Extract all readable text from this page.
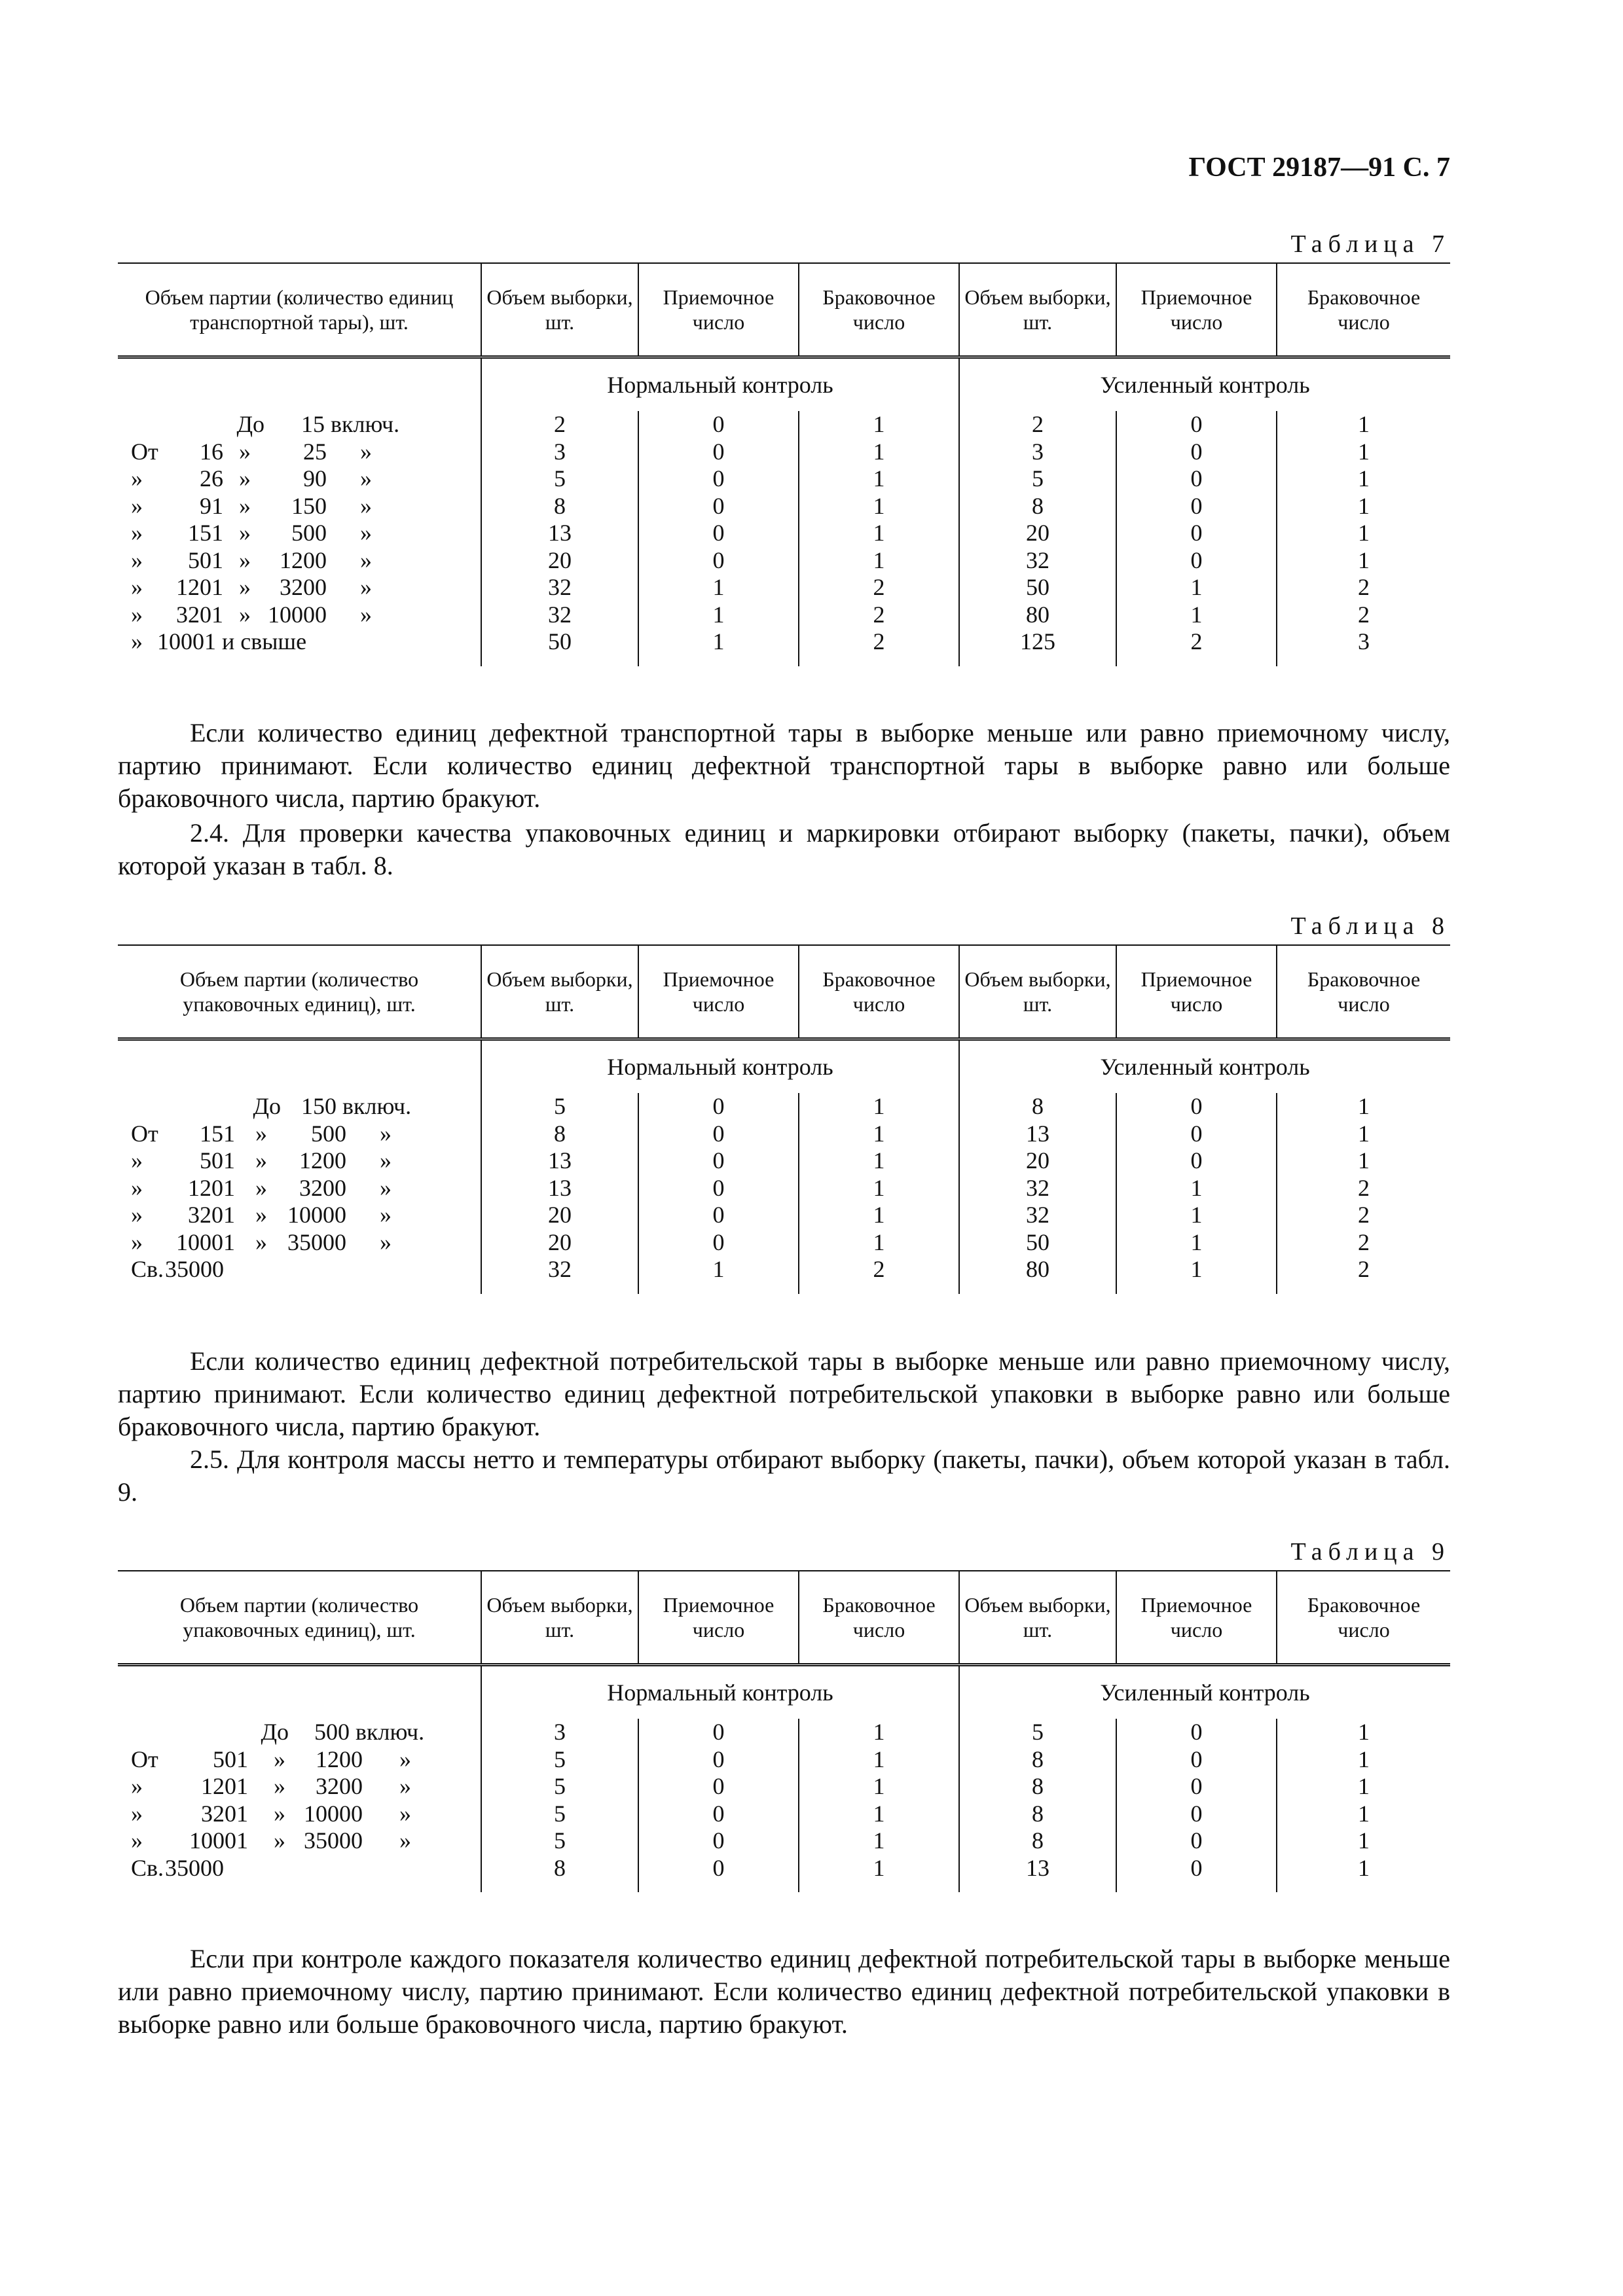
ГОСТ 29187—91 С. 7
Таблица 7
Объем партии (количество единиц транспортной тары), шт.	Объем выборки, шт.	Приемочное число	Браковочное число	Объем выборки, шт.	Приемочное число	Браковочное число
	Нормальный контроль			Усиленный контроль		

До 15 включ.	2	0	1	2	0	1

От 16 » 25 »	3	0	1	3	0	1

» 26 » 90 »	5	0	1	5	0	1

» 91 » 150 »	8	0	1	8	0	1

» 151 » 500 »	13	0	1	20	0	1

» 501 » 1200 »	20	0	1	32	0	1

» 1201 » 3200 »	32	1	2	50	1	2

» 3201 » 10000 »	32	1	2	80	1	2

» 10001 и свыше	50	1	2	125	2	3

Если количество единиц дефектной транспортной тары в выборке меньше или равно приемочному числу, партию принимают. Если количество единиц дефектной транспортной тары в выборке равно или больше браковочного числа, партию бракуют.

2.4. Для проверки качества упаковочных единиц и маркировки отбирают выборку (пакеты, пачки), объем которой указан в табл. 8.

Таблица 8
Объем партии (количество упаковочных единиц), шт.	Объем выборки, шт.	Приемочное число	Браковочное число	Объем выборки, шт.	Приемочное число	Браковочное число
	Нормальный контроль			Усиленный контроль		

До 150 включ.	5	0	1	8	0	1

От 151 » 500 »	8	0	1	13	0	1

» 501 » 1200 »	13	0	1	20	0	1

» 1201 » 3200 »	13	0	1	32	1	2

» 3201 » 10000 »	20	0	1	32	1	2

» 10001 » 35000 »	20	0	1	50	1	2

Св. 35000	32	1	2	80	1	2

Если количество единиц дефектной потребительской тары в выборке меньше или равно приемочному числу, партию принимают. Если количество единиц дефектной потребительской упаковки в выборке равно или больше браковочного числа, партию бракуют.

2.5. Для контроля массы нетто и температуры отбирают выборку (пакеты, пачки), объем которой указан в табл. 9.

Таблица 9
Объем партии (количество упаковочных единиц), шт.	Объем выборки, шт.	Приемочное число	Браковочное число	Объем выборки, шт.	Приемочное число	Браковочное число
	Нормальный контроль			Усиленный контроль		

До 500 включ.	3	0	1	5	0	1

От 501 » 1200 »	5	0	1	8	0	1

» 1201 » 3200 »	5	0	1	8	0	1

» 3201 » 10000 »	5	0	1	8	0	1

» 10001 » 35000 »	5	0	1	8	0	1

Св. 35000	8	0	1	13	0	1

Если при контроле каждого показателя количество единиц дефектной потребительской тары в выборке меньше или равно приемочному числу, партию принимают. Если количество единиц дефектной потребительской упаковки в выборке равно или больше браковочного числа, партию бракуют.
